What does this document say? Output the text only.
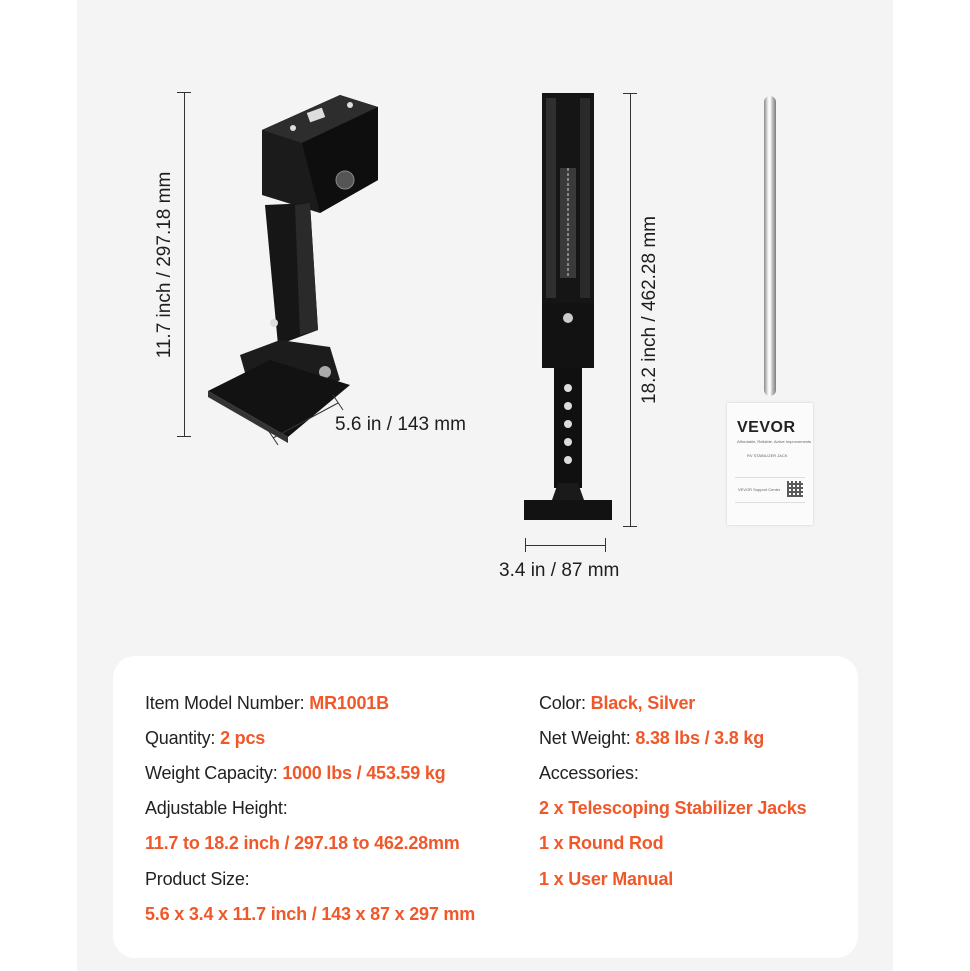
11.7 inch / 297.18 mm
5.6 in / 143 mm
18.2 inch / 462.28 mm
3.4 in / 87 mm
VEVOR
Affordable, Reliable, Active Improvements
RV STABILIZER JACK
VEVOR Support Center
Item Model Number: MR1001B
Quantity: 2 pcs
Weight Capacity: 1000 lbs / 453.59 kg
Adjustable Height:
11.7 to 18.2 inch / 297.18 to 462.28mm
Product Size:
5.6 x 3.4 x 11.7 inch / 143 x 87 x 297 mm
Color: Black, Silver
Net Weight: 8.38 lbs / 3.8 kg
Accessories:
2 x Telescoping Stabilizer Jacks
1 x Round Rod
1 x User Manual
